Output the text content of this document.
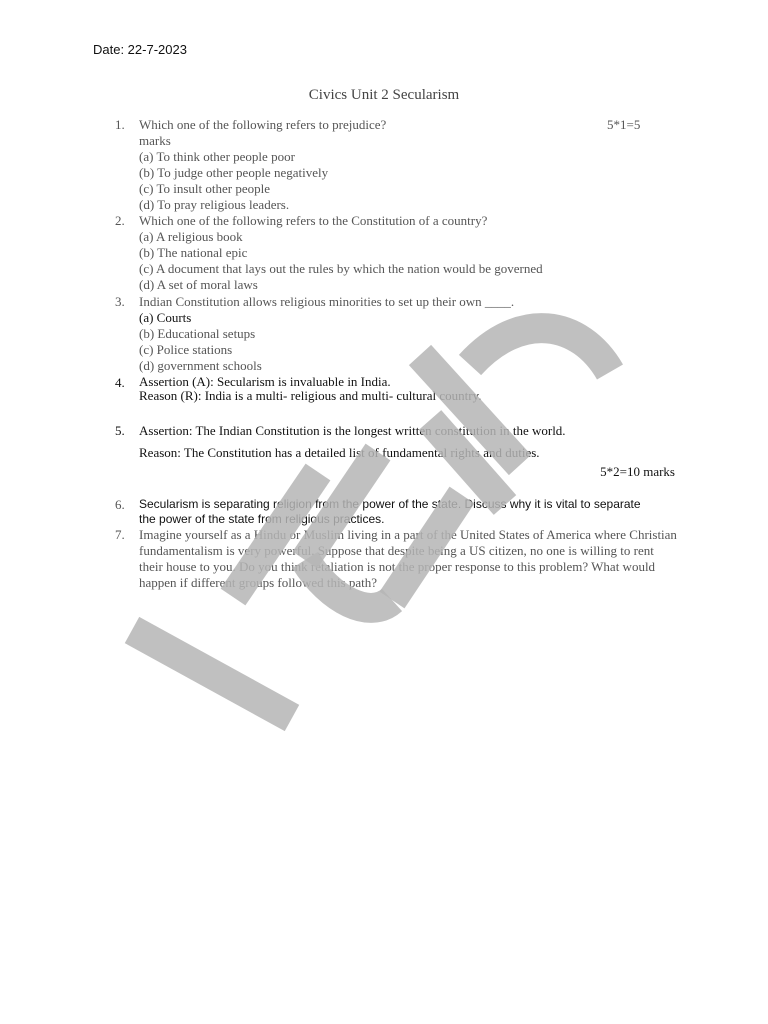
Date: 22-7-2023
Civics Unit 2 Secularism
5*1=5
1. Which one of the following refers to prejudice?
marks
(a) To think other people poor
(b) To judge other people negatively
(c) To insult other people
(d) To pray religious leaders.
2. Which one of the following refers to the Constitution of a country?
(a) A religious book
(b) The national epic
(c) A document that lays out the rules by which the nation would be governed
(d) A set of moral laws
3. Indian Constitution allows religious minorities to set up their own ____.
(a) Courts
(b) Educational setups
(c) Police stations
(d) government schools
4. Assertion (A): Secularism is invaluable in India.
Reason (R): India is a multi- religious and multi- cultural country.
5. Assertion: The Indian Constitution is the longest written constitution in the world.
Reason: The Constitution has a detailed list of fundamental rights and duties.
5*2=10 marks
6. Secularism is separating religion from the power of the state. Discuss why it is vital to separate the power of the state from religious practices.
7. Imagine yourself as a Hindu or Muslim living in a part of the United States of America where Christian fundamentalism is very powerful. Suppose that despite being a US citizen, no one is willing to rent their house to you. Do you think retaliation is not the proper response to this problem? What would happen if different groups followed this path?
